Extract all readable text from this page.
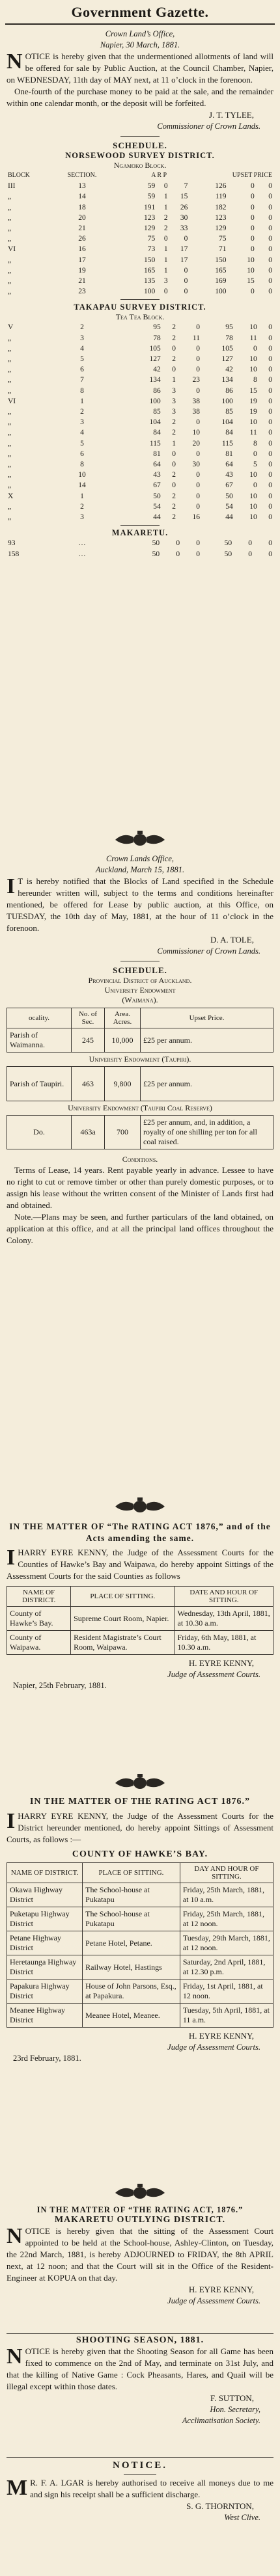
Government Gazette.
Crown Land’s Office,
Napier, 30 March, 1881.
NOTICE is hereby given that the undermentioned allotments of land will be offered for sale by Public Auction, at the Council Chamber, Napier, on WEDNESDAY, 11th day of MAY next, at 11 o’clock in the forenoon.
One-fourth of the purchase money to be paid at the sale, and the remainder within one calendar month, or the deposit will be forfeited.
J. T. TYLEE,
Commissioner of Crown Lands.
SCHEDULE.
NORSEWOOD SURVEY DISTRICT.
Ngamoko Block.
BLOCK	SECTION.	A R P			UPSET PRICE		
III	13	59	0	7	126	0	0
„	14	59	1	15	119	0	0
„	18	191	1	26	182	0	0
„	20	123	2	30	123	0	0
„	21	129	2	33	129	0	0
„	26	75	0	0	75	0	0
VI	16	73	1	17	71	0	0
„	17	150	1	17	150	10	0
„	19	165	1	0	165	10	0
„	21	135	3	0	169	15	0
„	23	100	0	0	100	0	0
TAKAPAU SURVEY DISTRICT.
Tea Tea Block.
V	2	95	2	0	95	10	0
„	3	78	2	11	78	11	0
„	4	105	0	0	105	0	0
„	5	127	2	0	127	10	0
„	6	42	0	0	42	10	0
„	7	134	1	23	134	8	0
„	8	86	3	0	86	15	0
VI	1	100	3	38	100	19	0
„	2	85	3	38	85	19	0
„	3	104	2	0	104	10	0
„	4	84	2	10	84	11	0
„	5	115	1	20	115	8	0
„	6	81	0	0	81	0	0
„	8	64	0	30	64	5	0
„	10	43	2	0	43	10	0
„	14	67	0	0	67	0	0
X	1	50	2	0	50	10	0
„	2	54	2	0	54	10	0
„	3	44	2	16	44	10	0
MAKARETU.
93	…	50	0	0	50	0	0
158	…	50	0	0	50	0	0
Crown Lands Office,
Auckland, March 15, 1881.
I T is hereby notified that the Blocks of Land specified in the Schedule hereunder written will, subject to the terms and conditions hereinafter mentioned, be offered for Lease by public auction, at this Office, on TUESDAY, the 10th day of May, 1881, at the hour of 11 o’clock in the forenoon.
D. A. TOLE,
Commissioner of Crown Lands.
SCHEDULE.
Provincial District of Auckland.
University Endowment
(Waimana).
ocality.	No. of Sec.	Area. Acres.	Upset Price.
Parish of Waimanna.	245	10,000	£25 per annum.
University Endowment (Taupiri).			
Parish of Taupiri.	463	9,800	£25 per annum.
University Endowment (Taupiri Coal Reserve)			
Do.	463a	700	£25 per annum, and, in addition, a royalty of one shilling per ton for all coal raised.
Conditions.
Terms of Lease, 14 years. Rent payable yearly in advance. Lessee to have no right to cut or remove timber or other than purely domestic purposes, or to assign his lease without the written consent of the Minister of Lands first had and obtained.
Note.—Plans may be seen, and further particulars of the land obtained, on application at this office, and at all the principal land offices throughout the Colony.
IN THE MATTER OF “The RATING ACT 1876,” and of the Acts amending the same.
IHARRY EYRE KENNY, the Judge of the Assessment Courts for the Counties of Hawke’s Bay and Waipawa, do hereby appoint Sittings of the Assessment Courts for the said Counties as follows
NAME OF DISTRICT.	PLACE OF SITTING.	DATE AND HOUR OF SITTING.
County of Hawke’s Bay.	Supreme Court Room, Napier.	Wednesday, 13th April, 1881, at 10.30 a.m.
County of Waipawa.	Resident Magistrate’s Court Room, Waipawa.	Friday, 6th May, 1881, at 10.30 a.m.
H. EYRE KENNY,
Judge of Assessment Courts.
Napier, 25th February, 1881.
IN THE MATTER OF THE RATING ACT 1876.”
IHARRY EYRE KENNY, the Judge of the Assessment Courts for the District hereunder mentioned, do hereby appoint Sittings of Assessment Courts, as follows :—
COUNTY OF HAWKE’S BAY.
NAME OF DISTRICT.	PLACE OF SITTING.	DAY AND HOUR OF SITTING.
Okawa Highway District	The School-house at Pukatapu	Friday, 25th March, 1881, at 10 a.m.
Puketapu Highway District	The School-house at Pukatapu	Friday, 25th March, 1881, at 12 noon.
Petane Highway District	Petane Hotel, Petane.	Tuesday, 29th March, 1881, at 12 noon.
Heretaunga Highway District	Railway Hotel, Hastings	Saturday, 2nd April, 1881, at 12.30 p.m.
Papakura Highway District	House of John Parsons, Esq., at Papakura.	Friday, 1st April, 1881, at 12 noon.
Meanee Highway District	Meanee Hotel, Meanee.	Tuesday, 5th April, 1881, at 11 a.m.
H. EYRE KENNY,
Judge of Assessment Courts.
23rd February, 1881.
IN THE MATTER OF “THE RATING ACT, 1876.”
MAKARETU OUTLYING DISTRICT.
NOTICE is hereby given that the sitting of the Assessment Court appointed to be held at the School-house, Ashley-Clinton, on Tuesday, the 22nd March, 1881, is hereby ADJOURNED to FRIDAY, the 8th APRIL next, at 12 noon; and that the Court will sit in the Office of the Resident-Engineer at KOPUA on that day.
H. EYRE KENNY,
Judge of Assessment Courts.
SHOOTING SEASON, 1881.
NOTICE is hereby given that the Shooting Season for all Game has been fixed to commence on the 2nd of May, and terminate on 31st July, and that the killing of Native Game : Cock Pheasants, Hares, and Quail will be illegal except within those dates.
F. SUTTON,
Hon. Secretary,
Acclimatisation Society.
NOTICE.
M R. F. A. LGAR is hereby authorised to receive all moneys due to me and sign his receipt shall be a sufficient discharge.
S. G. THORNTON,
West Clive.
